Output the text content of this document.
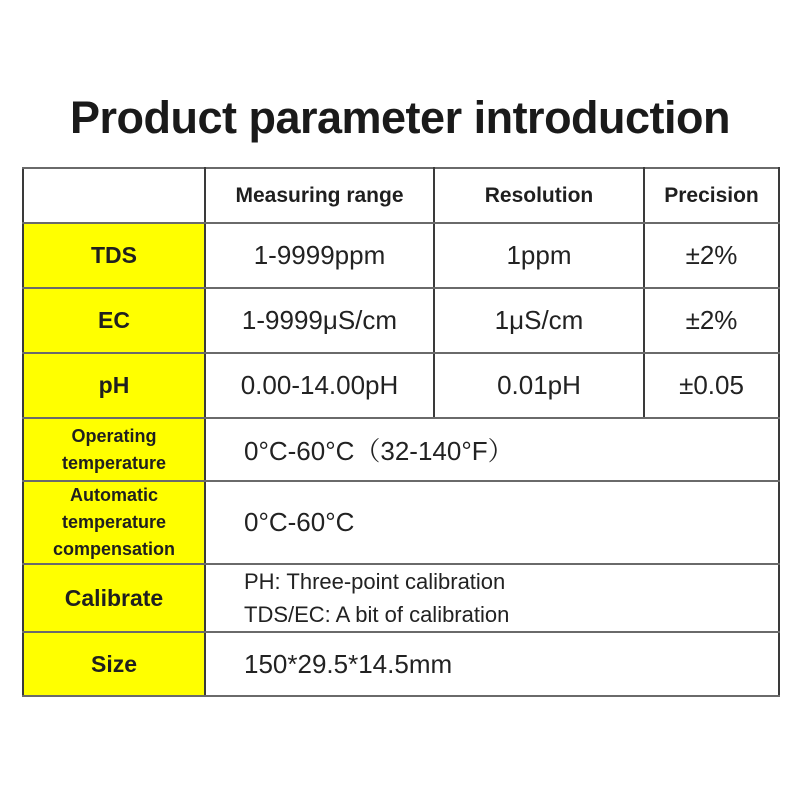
Product parameter introduction
	Measuring range	Resolution	Precision
TDS	1-9999ppm	1ppm	±2%
EC	1-9999μS/cm	1μS/cm	±2%
pH	0.00-14.00pH	0.01pH	±0.05
Operating temperature	0°C-60°C（32-140°F）		
Automatic temperature compensation	0°C-60°C		
Calibrate	PH: Three-point calibration
TDS/EC: A bit of calibration		

Size	150*29.5*14.5mm		
